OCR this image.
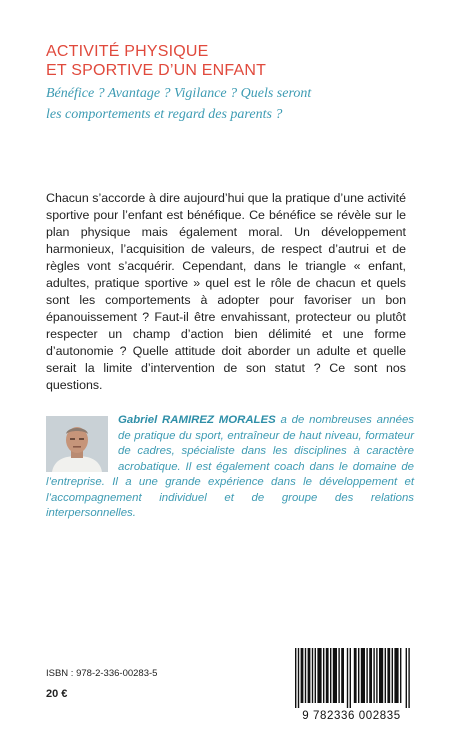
ACTIVITÉ PHYSIQUE
ET SPORTIVE D’UN ENFANT
Bénéfice ? Avantage ? Vigilance ? Quels seront
les comportements et regard des parents ?

Chacun s’accorde à dire aujourd’hui que la pratique d’une activité sportive pour l’enfant est bénéfique. Ce bénéfice se révèle sur le plan physique mais également moral. Un développement harmonieux, l’acquisition de valeurs, de respect d’autrui et de règles vont s’acquérir. Cependant, dans le triangle « enfant, adultes, pratique sportive » quel est le rôle de chacun et quels sont les comportements à adopter pour favoriser un bon épanouissement ? Faut-il être envahissant, protecteur ou plutôt respecter un champ d’action bien délimité et une forme d’autonomie ? Quelle attitude doit aborder un adulte et quelle serait la limite d’intervention de son statut ? Ce sont nos questions.

Gabriel RAMIREZ MORALES a de nombreuses années de pratique du sport, entraîneur de haut niveau, formateur de cadres, spécialiste dans les disciplines à caractère acrobatique. Il est également coach dans le domaine de l’entreprise. Il a une grande expérience dans le développement et l’accompagnement individuel et de groupe des relations interpersonnelles.
ISBN : 978-2-336-00283-5
20 €
9 782336 002835
